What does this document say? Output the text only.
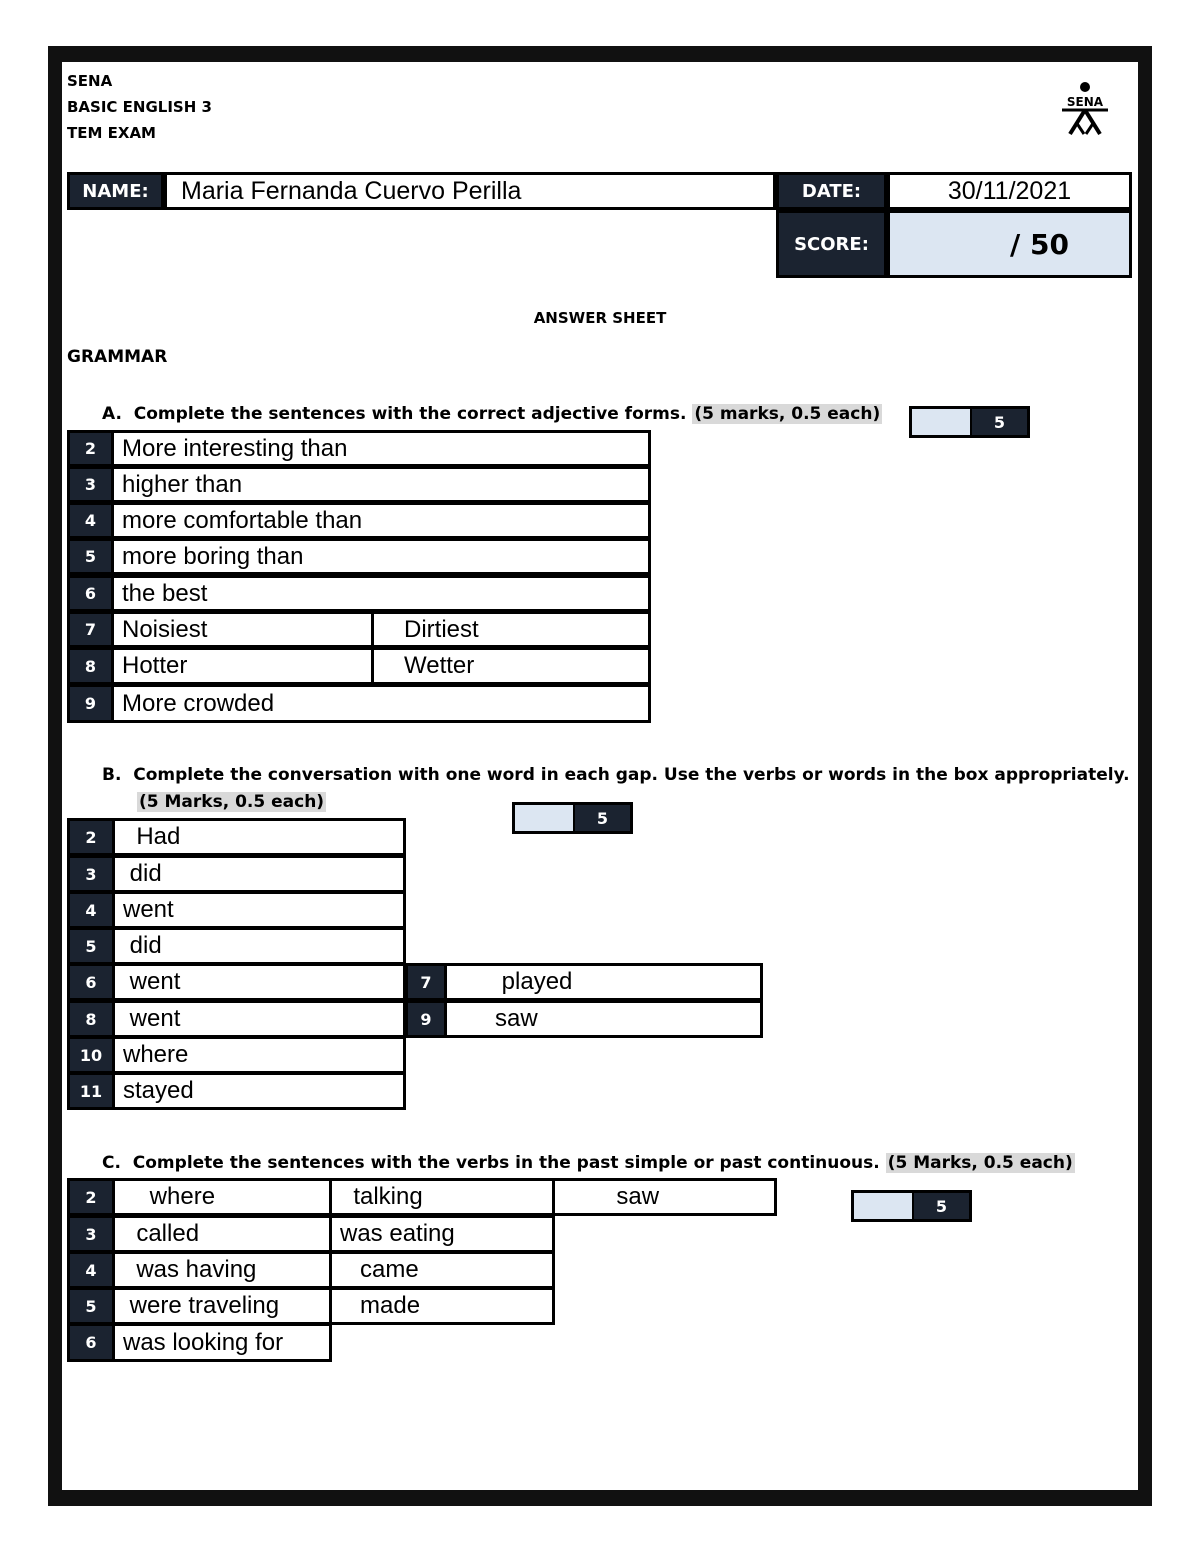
SENA
BASIC ENGLISH 3
TEM EXAM
SENA
NAME:	Maria Fernanda Cuervo Perilla	DATE:	30/11/2021
SCORE:	/ 50
ANSWER SHEET
GRAMMAR
A. Complete the sentences with the correct adjective forms. (5 marks, 0.5 each)	5
2	More interesting than
3	higher than
4	more comfortable than
5	more boring than
6	the best
7	Noisiest	Dirtiest
8	Hotter	Wetter
9	More crowded
B. Complete the conversation with one word in each gap. Use the verbs or words in the box appropriately.
(5 Marks, 0.5 each)
5
2	Had
3	did
4	went
5	did
6	went	7 played
8	went	9 saw
10 where
11 stayed
C. Complete the sentences with the verbs in the past simple or past continuous. (5 Marks, 0.5 each)
5
2	where	talking	saw
3	called	was eating
4	was having	came
5	were traveling	made
6	was looking for
